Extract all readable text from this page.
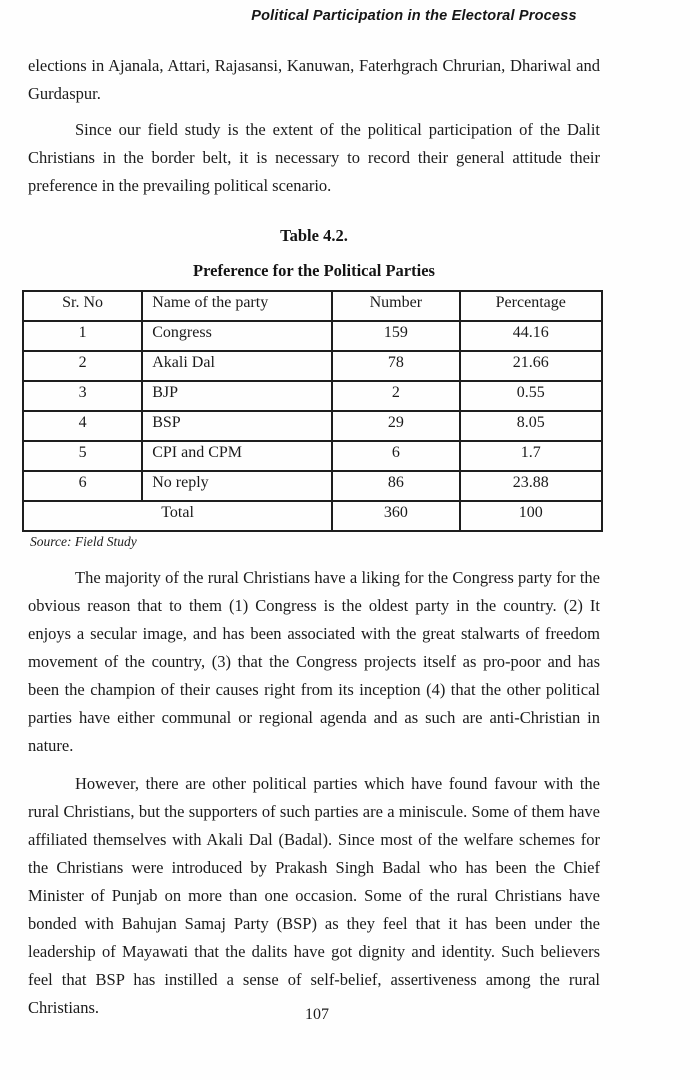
Political Participation in the Electoral Process

elections in Ajanala, Attari, Rajasansi, Kanuwan, Faterhgrach Chrurian, Dhariwal and Gurdaspur.

Since our field study is the extent of the political participation of the Dalit Christians in the border belt, it is necessary to record their general attitude their preference in the prevailing political scenario.

Table 4.2.
Preference for the Political Parties
Sr. No	Name of the party	Number	Percentage
1	Congress	159	44.16
2	Akali Dal	78	21.66
3	BJP	2	0.55
4	BSP	29	8.05
5	CPI and CPM	6	1.7
6	No reply	86	23.88
Total		360	100
Source: Field Study

The majority of the rural Christians have a liking for the Congress party for the obvious reason that to them (1) Congress is the oldest party in the country. (2) It enjoys a secular image, and has been associated with the great stalwarts of freedom movement of the country, (3) that the Congress projects itself as pro-poor and has been the champion of their causes right from its inception (4) that the other political parties have either communal or regional agenda and as such are anti-Christian in nature.

However, there are other political parties which have found favour with the rural Christians, but the supporters of such parties are a miniscule. Some of them have affiliated themselves with Akali Dal (Badal). Since most of the welfare schemes for the Christians were introduced by Prakash Singh Badal who has been the Chief Minister of Punjab on more than one occasion. Some of the rural Christians have bonded with Bahujan Samaj Party (BSP) as they feel that it has been under the leadership of Mayawati that the dalits have got dignity and identity. Such believers feel that BSP has instilled a sense of self-belief, assertiveness among the rural Christians.	107
